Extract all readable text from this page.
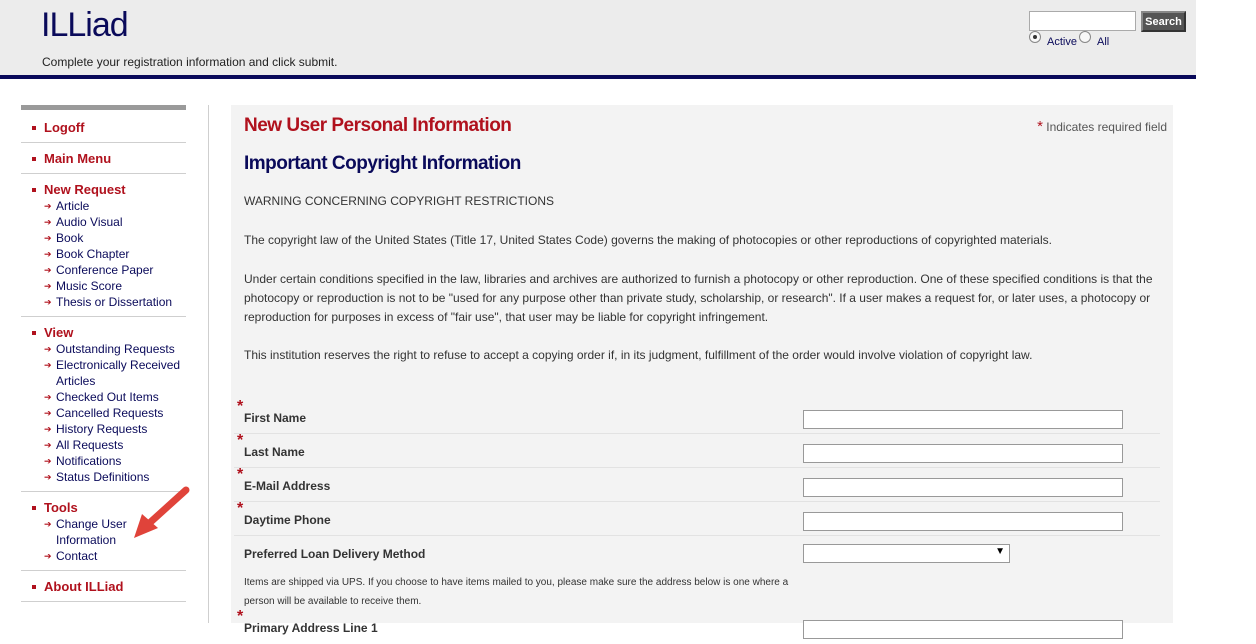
ILLiad
Complete your registration information and click submit.
Search
Active All
Logoff
Main Menu
New Request
➔ Article
➔ Audio Visual
➔ Book
➔ Book Chapter
➔ Conference Paper
➔ Music Score
➔ Thesis or Dissertation
View
➔ Outstanding Requests
➔ Electronically Received Articles
➔ Checked Out Items
➔ Cancelled Requests
➔ History Requests
➔ All Requests
➔ Notifications
➔ Status Definitions
Tools
➔ Change User Information
➔ Contact
About ILLiad
New User Personal Information	* Indicates required field
Important Copyright Information
WARNING CONCERNING COPYRIGHT RESTRICTIONS
The copyright law of the United States (Title 17, United States Code) governs the making of photocopies or other reproductions of copyrighted materials.
Under certain conditions specified in the law, libraries and archives are authorized to furnish a photocopy or other reproduction. One of these specified conditions is that the photocopy or reproduction is not to be "used for any purpose other than private study, scholarship, or research". If a user makes a request for, or later uses, a photocopy or reproduction for purposes in excess of "fair use", that user may be liable for copyright infringement.
This institution reserves the right to refuse to accept a copying order if, in its judgment, fulfillment of the order would involve violation of copyright law.
*
First Name
*
Last Name
*
E-Mail Address
*
Daytime Phone
Preferred Loan Delivery Method	▼
Items are shipped via UPS. If you choose to have items mailed to you, please make sure the address below is one where a person will be available to receive them.
*
Primary Address Line 1
